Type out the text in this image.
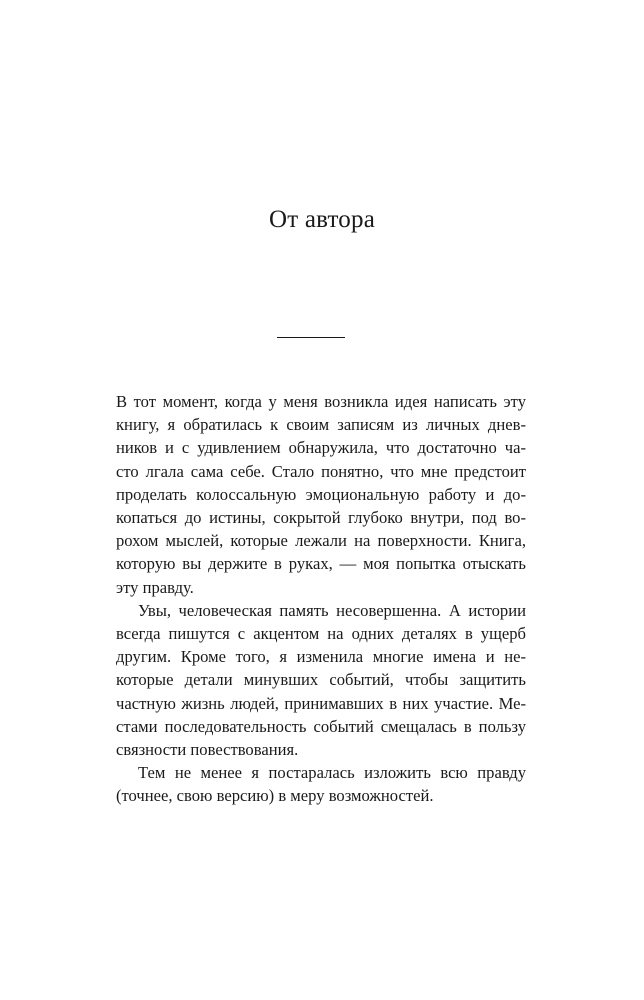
От автора
В тот момент, когда у меня возникла идея написать эту
книгу, я обратилась к своим записям из личных днев-
ников и с удивлением обнаружила, что достаточно ча-
сто лгала сама себе. Стало понятно, что мне предстоит
проделать колоссальную эмоциональную работу и до-
копаться до истины, сокрытой глубоко внутри, под во-
рохом мыслей, которые лежали на поверхности. Книга,
которую вы держите в руках, — моя попытка отыскать
эту правду.
Увы, человеческая память несовершенна. А истории
всегда пишутся с акцентом на одних деталях в ущерб
другим. Кроме того, я изменила многие имена и не-
которые детали минувших событий, чтобы защитить
частную жизнь людей, принимавших в них участие. Ме-
стами последовательность событий смещалась в пользу
связности повествования.
Тем не менее я постаралась изложить всю правду
(точнее, свою версию) в меру возможностей.
